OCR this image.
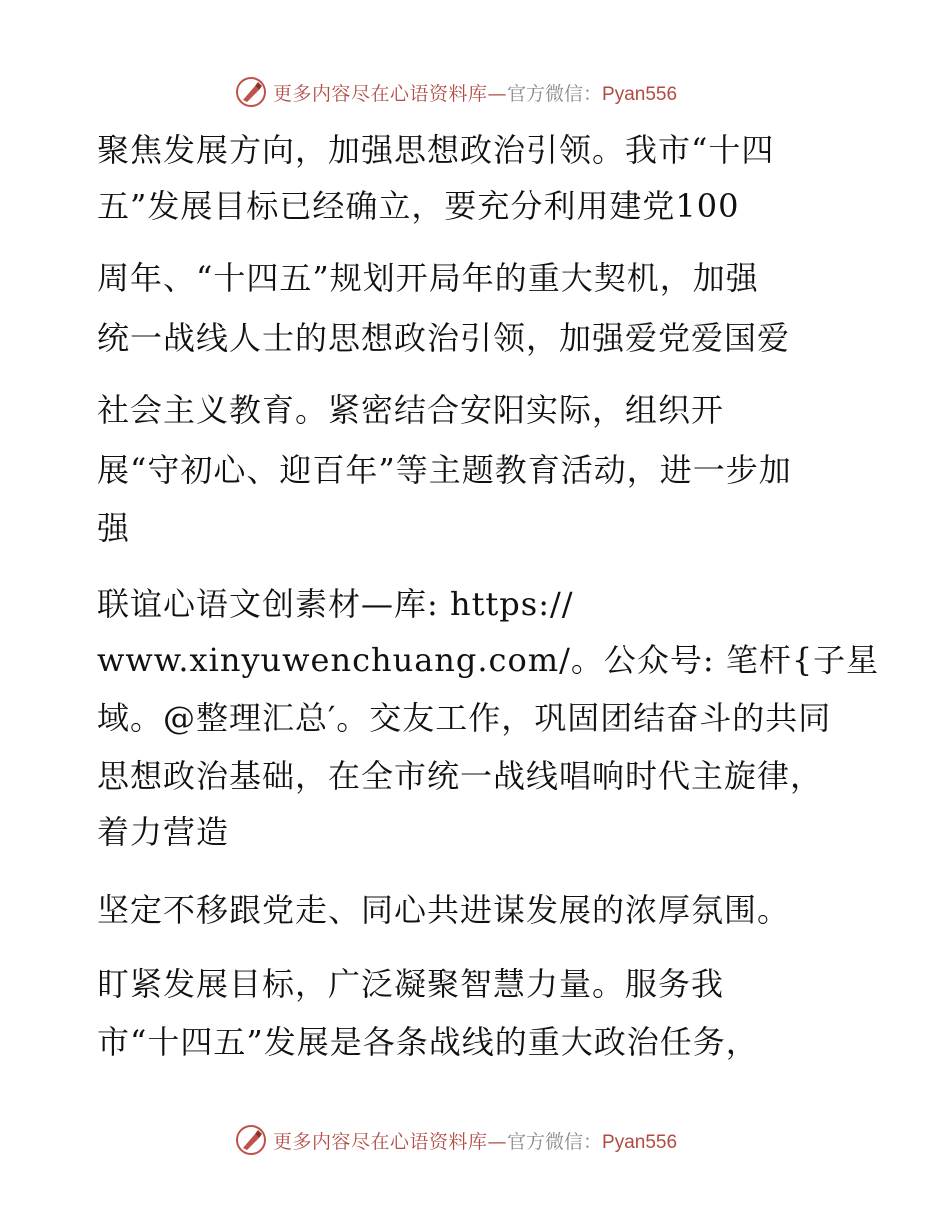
更多内容尽在心语资料库— 官方微信：Pyan556
聚焦发展方向，加强思想政治引领。我市“十四
五”发展目标已经确立，要充分利用建党100
周年、“十四五”规划开局年的重大契机，加强
统一战线人士的思想政治引领，加强爱党爱国爱
社会主义教育。紧密结合安阳实际，组织开
展“守初心、迎百年”等主题教育活动，进一步加
强
联谊心语文创素材—库: https://
www.xinyuwenchuang.com/。公众号: 笔杆{子星
域。@整理汇总′。交友工作，巩固团结奋斗的共同
思想政治基础，在全市统一战线唱响时代主旋律，
着力营造
坚定不移跟党走、同心共进谋发展的浓厚氛围。
盯紧发展目标，广泛凝聚智慧力量。服务我
市“十四五”发展是各条战线的重大政治任务，
更多内容尽在心语资料库— 官方微信：Pyan556
